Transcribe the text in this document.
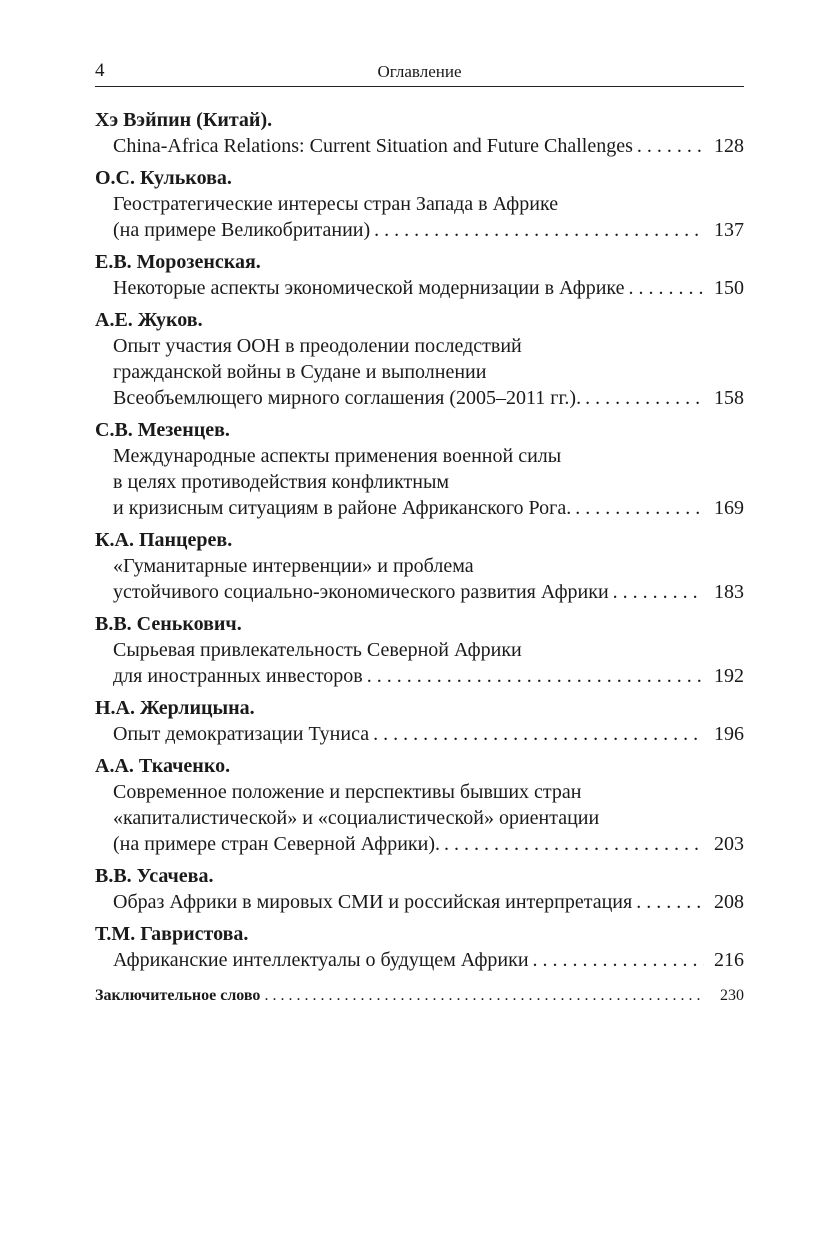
4	Оглавление
Хэ Вэйпин (Китай).
China-Africa Relations: Current Situation and Future Challenges . . .	128
О.С. Кулькова.
Геостратегические интересы стран Запада в Африке
(на примере Великобритании) . . .	137
Е.В. Морозенская.
Некоторые аспекты экономической модернизации в Африке . . .	150
А.Е. Жуков.
Опыт участия ООН в преодолении последствий
гражданской войны в Судане и выполнении
Всеобъемлющего мирного соглашения (2005–2011 гг.). . . .	158
С.В. Мезенцев.
Международные аспекты применения военной силы
в целях противодействия конфликтным
и кризисным ситуациям в районе Африканского Рога. . . .	169
К.А. Панцерев.
«Гуманитарные интервенции» и проблема
устойчивого социально-экономического развития Африки . . .	183
В.В. Сенькович.
Сырьевая привлекательность Северной Африки
для иностранных инвесторов . . .	192
Н.А. Жерлицына.
Опыт демократизации Туниса . . .	196
А.А. Ткаченко.
Современное положение и перспективы бывших стран
«капиталистической» и «социалистической» ориентации
(на примере стран Северной Африки). . . .	203
В.В. Усачева.
Образ Африки в мировых СМИ и российская интерпретация . . .	208
Т.М. Гавристова.
Африканские интеллектуалы о будущем Африки . . .	216
Заключительное слово . . .	230
